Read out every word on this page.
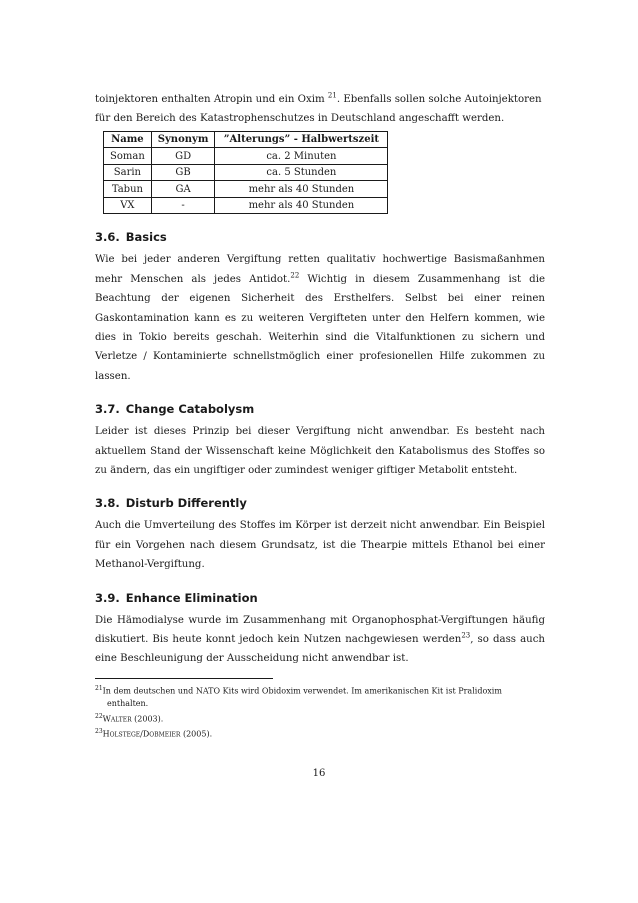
toinjektoren enthalten Atropin und ein Oxim $^{21}$. Ebenfalls sollen solche Autoinjektoren
für den Bereich des Katastrophenschutzes in Deutschland angeschafft werden.

Name	Synonym	”Alterungs” - Halbwertszeit
Soman	GD	ca. 2 Minuten
Sarin	GB	ca. 5 Stunden
Tabun	GA	mehr als 40 Stunden
VX	-	mehr als 40 Stunden
3.6. Basics

Wie bei jeder anderen Vergiftung retten qualitativ hochwertige Basismaßanhmen mehr Menschen als jedes Antidot.$^{22}$ Wichtig in diesem Zusammenhang ist die Beachtung der eigenen Sicherheit des Ersthelfers. Selbst bei einer reinen Gaskontamination kann es zu weiteren Vergifteten unter den Helfern kommen, wie dies in Tokio bereits geschah. Weiterhin sind die Vitalfunktionen zu sichern und Verletze / Kontaminierte schnellstmöglich einer profesionellen Hilfe zukommen zu lassen.

3.7. Change Catabolysm

Leider ist dieses Prinzip bei dieser Vergiftung nicht anwendbar. Es besteht nach aktuellem Stand der Wissenschaft keine Möglichkeit den Katabolismus des Stoffes so zu ändern, das ein ungiftiger oder zumindest weniger giftiger Metabolit entsteht.

3.8. Disturb Differently

Auch die Umverteilung des Stoffes im Körper ist derzeit nicht anwendbar. Ein Beispiel für ein Vorgehen nach diesem Grundsatz, ist die Thearpie mittels Ethanol bei einer Methanol-Vergiftung.

3.9. Enhance Elimination

Die Hämodialyse wurde im Zusammenhang mit Organophosphat-Vergiftungen häufig diskutiert. Bis heute konnt jedoch kein Nutzen nachgewiesen werden$^{23}$, so dass auch eine Beschleunigung der Ausscheidung nicht anwendbar ist.

$^{21}$In dem deutschen und NATO Kits wird Obidoxim verwendet. Im amerikanischen Kit ist Pralidoxim
enthalten.
$^{22}$Walter (2003).
$^{23}$Holstege/Dobmeier (2005).
16
